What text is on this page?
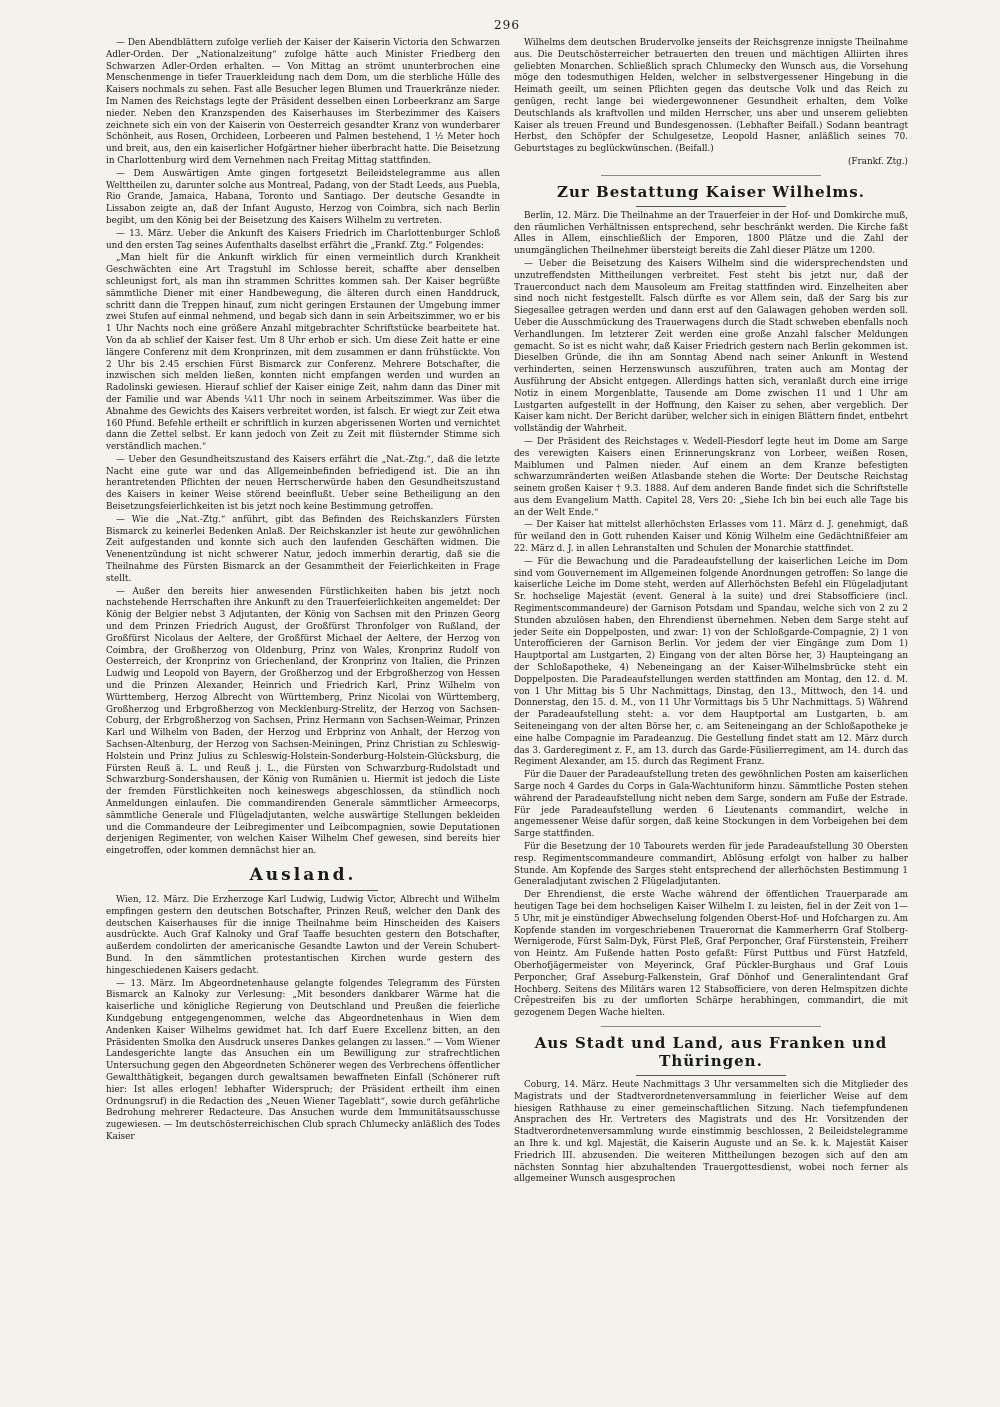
296

— Den Abendblättern zufolge verlieh der Kaiser der Kaiserin Victoria den Schwarzen Adler-Orden. Der „Nationalzeitung“ zufolge hätte auch Minister Friedberg den Schwarzen Adler-Orden erhalten. — Von Mittag an strömt ununterbrochen eine Menschenmenge in tiefer Trauerkleidung nach dem Dom, um die sterbliche Hülle des Kaisers nochmals zu sehen. Fast alle Besucher legen Blumen und Trauerkränze nieder. Im Namen des Reichstags legte der Präsident desselben einen Lorbeerkranz am Sarge nieder. Neben den Kranzspenden des Kaiserhauses im Sterbezimmer des Kaisers zeichnete sich ein von der Kaiserin von Oesterreich gesandter Kranz von wunderbarer Schönheit, aus Rosen, Orchideen, Lorbeeren und Palmen bestehend, 1 ½ Meter hoch und breit, aus, den ein kaiserlicher Hofgärtner hieher überbracht hatte. Die Beisetzung in Charlottenburg wird dem Vernehmen nach Freitag Mittag stattfinden.

— Dem Auswärtigen Amte gingen fortgesetzt Beileidstelegramme aus allen Welttheilen zu, darunter solche aus Montreal, Padang, von der Stadt Leeds, aus Puebla, Rio Grande, Jamaica, Habana, Toronto und Santiago. Der deutsche Gesandte in Lissabon zeigte an, daß der Infant Augusto, Herzog von Coimbra, sich nach Berlin begibt, um den König bei der Beisetzung des Kaisers Wilhelm zu vertreten.

— 13. März. Ueber die Ankunft des Kaisers Friedrich im Charlottenburger Schloß und den ersten Tag seines Aufenthalts daselbst erfährt die „Frankf. Ztg.“ Folgendes:

„Man hielt für die Ankunft wirklich für einen vermeintlich durch Krankheit Geschwächten eine Art Tragstuhl im Schlosse bereit, schaffte aber denselben schleunigst fort, als man ihn strammen Schrittes kommen sah. Der Kaiser begrüßte sämmtliche Diener mit einer Handbewegung, die älteren durch einen Handdruck, schritt dann die Treppen hinauf, zum nicht geringen Erstaunen der Umgebung immer zwei Stufen auf einmal nehmend, und begab sich dann in sein Arbeitszimmer, wo er bis 1 Uhr Nachts noch eine größere Anzahl mitgebrachter Schriftstücke bearbeitete hat. Von da ab schlief der Kaiser fest. Um 8 Uhr erhob er sich. Um diese Zeit hatte er eine längere Conferenz mit dem Kronprinzen, mit dem zusammen er dann frühstückte. Von 2 Uhr bis 2.45 erschien Fürst Bismarck zur Conferenz. Mehrere Botschafter, die inzwischen sich melden ließen, konnten nicht empfangen werden und wurden an Radolinski gewiesen. Hierauf schlief der Kaiser einige Zeit, nahm dann das Diner mit der Familie und war Abends ¼11 Uhr noch in seinem Arbeitszimmer. Was über die Abnahme des Gewichts des Kaisers verbreitet worden, ist falsch. Er wiegt zur Zeit etwa 160 Pfund. Befehle ertheilt er schriftlich in kurzen abgerissenen Worten und vernichtet dann die Zettel selbst. Er kann jedoch von Zeit zu Zeit mit flüsternder Stimme sich verständlich machen.“

— Ueber den Gesundheitszustand des Kaisers erfährt die „Nat.-Ztg.“, daß die letzte Nacht eine gute war und das Allgemeinbefinden befriedigend ist. Die an ihn herantretenden Pflichten der neuen Herrscherwürde haben den Gesundheitszustand des Kaisers in keiner Weise störend beeinflußt. Ueber seine Betheiligung an den Beisetzungsfeierlichkeiten ist bis jetzt noch keine Bestimmung getroffen.

— Wie die „Nat.-Ztg.“ anführt, gibt das Befinden des Reichskanzlers Fürsten Bismarck zu keinerlei Bedenken Anlaß. Der Reichskanzler ist heute zur gewöhnlichen Zeit aufgestanden und konnte sich auch den laufenden Geschäften widmen. Die Venenentzündung ist nicht schwerer Natur, jedoch immerhin derartig, daß sie die Theilnahme des Fürsten Bismarck an der Gesammtheit der Feierlichkeiten in Frage stellt.

— Außer den bereits hier anwesenden Fürstlichkeiten haben bis jetzt noch nachstehende Herrschaften ihre Ankunft zu den Trauerfeierlichkeiten angemeldet: Der König der Belgier nebst 3 Adjutanten, der König von Sachsen mit den Prinzen Georg und dem Prinzen Friedrich August, der Großfürst Thronfolger von Rußland, der Großfürst Nicolaus der Aeltere, der Großfürst Michael der Aeltere, der Herzog von Coimbra, der Großherzog von Oldenburg, Prinz von Wales, Kronprinz Rudolf von Oesterreich, der Kronprinz von Griechenland, der Kronprinz von Italien, die Prinzen Ludwig und Leopold von Bayern, der Großherzog und der Erbgroßherzog von Hessen und die Prinzen Alexander, Heinrich und Friedrich Karl, Prinz Wilhelm von Württemberg, Herzog Albrecht von Württemberg, Prinz Nicolai von Württemberg, Großherzog und Erbgroßherzog von Mecklenburg-Strelitz, der Herzog von Sachsen-Coburg, der Erbgroßherzog von Sachsen, Prinz Hermann von Sachsen-Weimar, Prinzen Karl und Wilhelm von Baden, der Herzog und Erbprinz von Anhalt, der Herzog von Sachsen-Altenburg, der Herzog von Sachsen-Meiningen, Prinz Christian zu Schleswig-Holstein und Prinz Julius zu Schleswig-Holstein-Sonderburg-Holstein-Glücksburg, die Fürsten Reuß ä. L. und Reuß j. L., die Fürsten von Schwarzburg-Rudolstadt und Schwarzburg-Sondershausen, der König von Rumänien u. Hiermit ist jedoch die Liste der fremden Fürstlichkeiten noch keineswegs abgeschlossen, da stündlich noch Anmeldungen einlaufen. Die commandirenden Generale sämmtlicher Armeecorps, sämmtliche Generale und Flügeladjutanten, welche auswärtige Stellungen bekleiden und die Commandeure der Leibregimenter und Leibcompagnien, sowie Deputationen derjenigen Regimenter, von welchen Kaiser Wilhelm Chef gewesen, sind bereits hier eingetroffen, oder kommen demnächst hier an.

Ausland.

Wien, 12. März. Die Erzherzoge Karl Ludwig, Ludwig Victor, Albrecht und Wilhelm empfingen gestern den deutschen Botschafter, Prinzen Reuß, welcher den Dank des deutschen Kaiserhauses für die innige Theilnahme beim Hinscheiden des Kaisers ausdrückte. Auch Graf Kalnoky und Graf Taaffe besuchten gestern den Botschafter, außerdem condolirten der americanische Gesandte Lawton und der Verein Schubert-Bund. In den sämmtlichen protestantischen Kirchen wurde gestern des hingeschiedenen Kaisers gedacht.

— 13. März. Im Abgeordnetenhause gelangte folgendes Telegramm des Fürsten Bismarck an Kalnoky zur Verlesung: „Mit besonders dankbarer Wärme hat die kaiserliche und königliche Regierung von Deutschland und Preußen die feierliche Kundgebung entgegengenommen, welche das Abgeordnetenhaus in Wien dem Andenken Kaiser Wilhelms gewidmet hat. Ich darf Euere Excellenz bitten, an den Präsidenten Smolka den Ausdruck unseres Dankes gelangen zu lassen.“ — Vom Wiener Landesgerichte langte das Ansuchen ein um Bewilligung zur strafrechtlichen Untersuchung gegen den Abgeordneten Schönerer wegen des Verbrechens öffentlicher Gewaltthätigkeit, begangen durch gewaltsamen bewaffneten Einfall (Schönerer ruft hier: Ist alles erlogen! lebhafter Widerspruch; der Präsident ertheilt ihm einen Ordnungsruf) in die Redaction des „Neuen Wiener Tageblatt“, sowie durch gefährliche Bedrohung mehrerer Redacteure. Das Ansuchen wurde dem Immunitätsausschusse zugewiesen. — Im deutschösterreichischen Club sprach Chlumecky anläßlich des Todes Kaiser

Wilhelms dem deutschen Brudervolke jenseits der Reichsgrenze innigste Theilnahme aus. Die Deutschösterreicher betrauerten den treuen und mächtigen Alliirten ihres geliebten Monarchen. Schließlich sprach Chlumecky den Wunsch aus, die Vorsehung möge den todesmuthigen Helden, welcher in selbstvergessener Hingebung in die Heimath geeilt, um seinen Pflichten gegen das deutsche Volk und das Reich zu genügen, recht lange bei wiedergewonnener Gesundheit erhalten, dem Volke Deutschlands als kraftvollen und milden Herrscher, uns aber und unserem geliebten Kaiser als treuen Freund und Bundesgenossen. (Lebhafter Beifall.) Sodann beantragt Herbst, den Schöpfer der Schulgesetze, Leopold Hasner, anläßlich seines 70. Geburtstages zu beglückwünschen. (Beifall.)

(Frankf. Ztg.)
Zur Bestattung Kaiser Wilhelms.

Berlin, 12. März. Die Theilnahme an der Trauerfeier in der Hof- und Domkirche muß, den räumlichen Verhältnissen entsprechend, sehr beschränkt werden. Die Kirche faßt Alles in Allem, einschließlich der Emporen, 1800 Plätze und die Zahl der unumgänglichen Theilnehmer übersteigt bereits die Zahl dieser Plätze um 1200.

— Ueber die Beisetzung des Kaisers Wilhelm sind die widersprechendsten und unzutreffendsten Mittheilungen verbreitet. Fest steht bis jetzt nur, daß der Trauerconduct nach dem Mausoleum am Freitag stattfinden wird. Einzelheiten aber sind noch nicht festgestellt. Falsch dürfte es vor Allem sein, daß der Sarg bis zur Siegesallee getragen werden und dann erst auf den Galawagen gehoben werden soll. Ueber die Ausschmückung des Trauerwagens durch die Stadt schweben ebenfalls noch Verhandlungen. Im letzterer Zeit werden eine große Anzahl falscher Meldungen gemacht. So ist es nicht wahr, daß Kaiser Friedrich gestern nach Berlin gekommen ist. Dieselben Gründe, die ihn am Sonntag Abend nach seiner Ankunft in Westend verhinderten, seinen Herzenswunsch auszuführen, traten auch am Montag der Ausführung der Absicht entgegen. Allerdings hatten sich, veranlaßt durch eine irrige Notiz in einem Morgenblatte, Tausende am Dome zwischen 11 und 1 Uhr am Lustgarten aufgestellt in der Hoffnung, den Kaiser zu sehen, aber vergeblich. Der Kaiser kam nicht. Der Bericht darüber, welcher sich in einigen Blättern findet, entbehrt vollständig der Wahrheit.

— Der Präsident des Reichstages v. Wedell-Piesdorf legte heut im Dome am Sarge des verewigten Kaisers einen Erinnerungskranz von Lorbeer, weißen Rosen, Maiblumen und Palmen nieder. Auf einem an dem Kranze befestigten schwarzumränderten weißen Atlasbande stehen die Worte: Der Deutsche Reichstag seinem großen Kaiser † 9.3. 1888. Auf dem anderen Bande findet sich die Schriftstelle aus dem Evangelium Matth. Capitel 28, Vers 20: „Siehe Ich bin bei euch alle Tage bis an der Welt Ende.“

— Der Kaiser hat mittelst allerhöchsten Erlasses vom 11. März d. J. genehmigt, daß für weiland den in Gott ruhenden Kaiser und König Wilhelm eine Gedächtnißfeier am 22. März d. J. in allen Lehranstalten und Schulen der Monarchie stattfindet.

— Für die Bewachung und die Paradeaufstellung der kaiserlichen Leiche im Dom sind vom Gouvernement im Allgemeinen folgende Anordnungen getroffen: So lange die kaiserliche Leiche im Dome steht, werden auf Allerhöchsten Befehl ein Flügeladjutant Sr. hochselige Majestät (event. General à la suite) und drei Stabsofficiere (incl. Regimentscommandeure) der Garnison Potsdam und Spandau, welche sich von 2 zu 2 Stunden abzulösen haben, den Ehrendienst übernehmen. Neben dem Sarge steht auf jeder Seite ein Doppelposten, und zwar: 1) von der Schloßgarde-Compagnie, 2) 1 von Unterofficieren der Garnison Berlin. Vor jedem der vier Eingänge zum Dom 1) Hauptportal am Lustgarten, 2) Eingang von der alten Börse her, 3) Haupteingang an der Schloßapotheke, 4) Nebeneingang an der Kaiser-Wilhelmsbrücke steht ein Doppelposten. Die Paradeaufstellungen werden stattfinden am Montag, den 12. d. M. von 1 Uhr Mittag bis 5 Uhr Nachmittags, Dinstag, den 13., Mittwoch, den 14. und Donnerstag, den 15. d. M., von 11 Uhr Vormittags bis 5 Uhr Nachmittags. 5) Während der Paradeaufstellung steht: a. vor dem Hauptportal am Lustgarten, b. am Seiteneingang von der alten Börse her, c. am Seiteneingang an der Schloßapotheke je eine halbe Compagnie im Paradeanzug. Die Gestellung findet statt am 12. März durch das 3. Garderegiment z. F., am 13. durch das Garde-Füsilierregiment, am 14. durch das Regiment Alexander, am 15. durch das Regiment Franz.

Für die Dauer der Paradeaufstellung treten des gewöhnlichen Posten am kaiserlichen Sarge noch 4 Gardes du Corps in Gala-Wachtuniform hinzu. Sämmtliche Posten stehen während der Paradeaufstellung nicht neben dem Sarge, sondern am Fuße der Estrade. Für jede Paradeaufstellung werden 6 Lieutenants commandirt, welche in angemessener Weise dafür sorgen, daß keine Stockungen in dem Vorbeigehen bei dem Sarge stattfinden.

Für die Besetzung der 10 Tabourets werden für jede Paradeaufstellung 30 Obersten resp. Regimentscommandeure commandirt, Ablösung erfolgt von halber zu halber Stunde. Am Kopfende des Sarges steht entsprechend der allerhöchsten Bestimmung 1 Generaladjutant zwischen 2 Flügeladjutanten.

Der Ehrendienst, die erste Wache während der öffentlichen Trauerparade am heutigen Tage bei dem hochseligen Kaiser Wilhelm I. zu leisten, fiel in der Zeit von 1—5 Uhr, mit je einstündiger Abwechselung folgenden Oberst-Hof- und Hofchargen zu. Am Kopfende standen im vorgeschriebenen Trauerornat die Kammerherrn Graf Stolberg-Wernigerode, Fürst Salm-Dyk, Fürst Pleß, Graf Perponcher, Graf Fürstenstein, Freiherr von Heintz. Am Fußende hatten Posto gefaßt: Fürst Puttbus und Fürst Hatzfeld, Oberhofjägermeister von Meyerinck, Graf Pückler-Burghaus und Graf Louis Perponcher, Graf Asseburg-Falkenstein, Graf Dönhof und Generalintendant Graf Hochberg. Seitens des Militärs waren 12 Stabsofficiere, von deren Helmspitzen dichte Crêpestreifen bis zu der umflorten Schärpe herabhingen, commandirt, die mit gezogenem Degen Wache hielten.

Aus Stadt und Land, aus Franken und Thüringen.

Coburg, 14. März. Heute Nachmittags 3 Uhr versammelten sich die Mitglieder des Magistrats und der Stadtverordnetenversammlung in feierlicher Weise auf dem hiesigen Rathhause zu einer gemeinschaftlichen Sitzung. Nach tiefempfundenen Ansprachen des Hr. Vertreters des Magistrats und des Hr. Vorsitzenden der Stadtverordnetenversammlung wurde einstimmig beschlossen, 2 Beileidstelegramme an Ihre k. und kgl. Majestät, die Kaiserin Auguste und an Se. k. k. Majestät Kaiser Friedrich III. abzusenden. Die weiteren Mittheilungen bezogen sich auf den am nächsten Sonntag hier abzuhaltenden Trauergottesdienst, wobei noch ferner als allgemeiner Wunsch ausgesprochen
